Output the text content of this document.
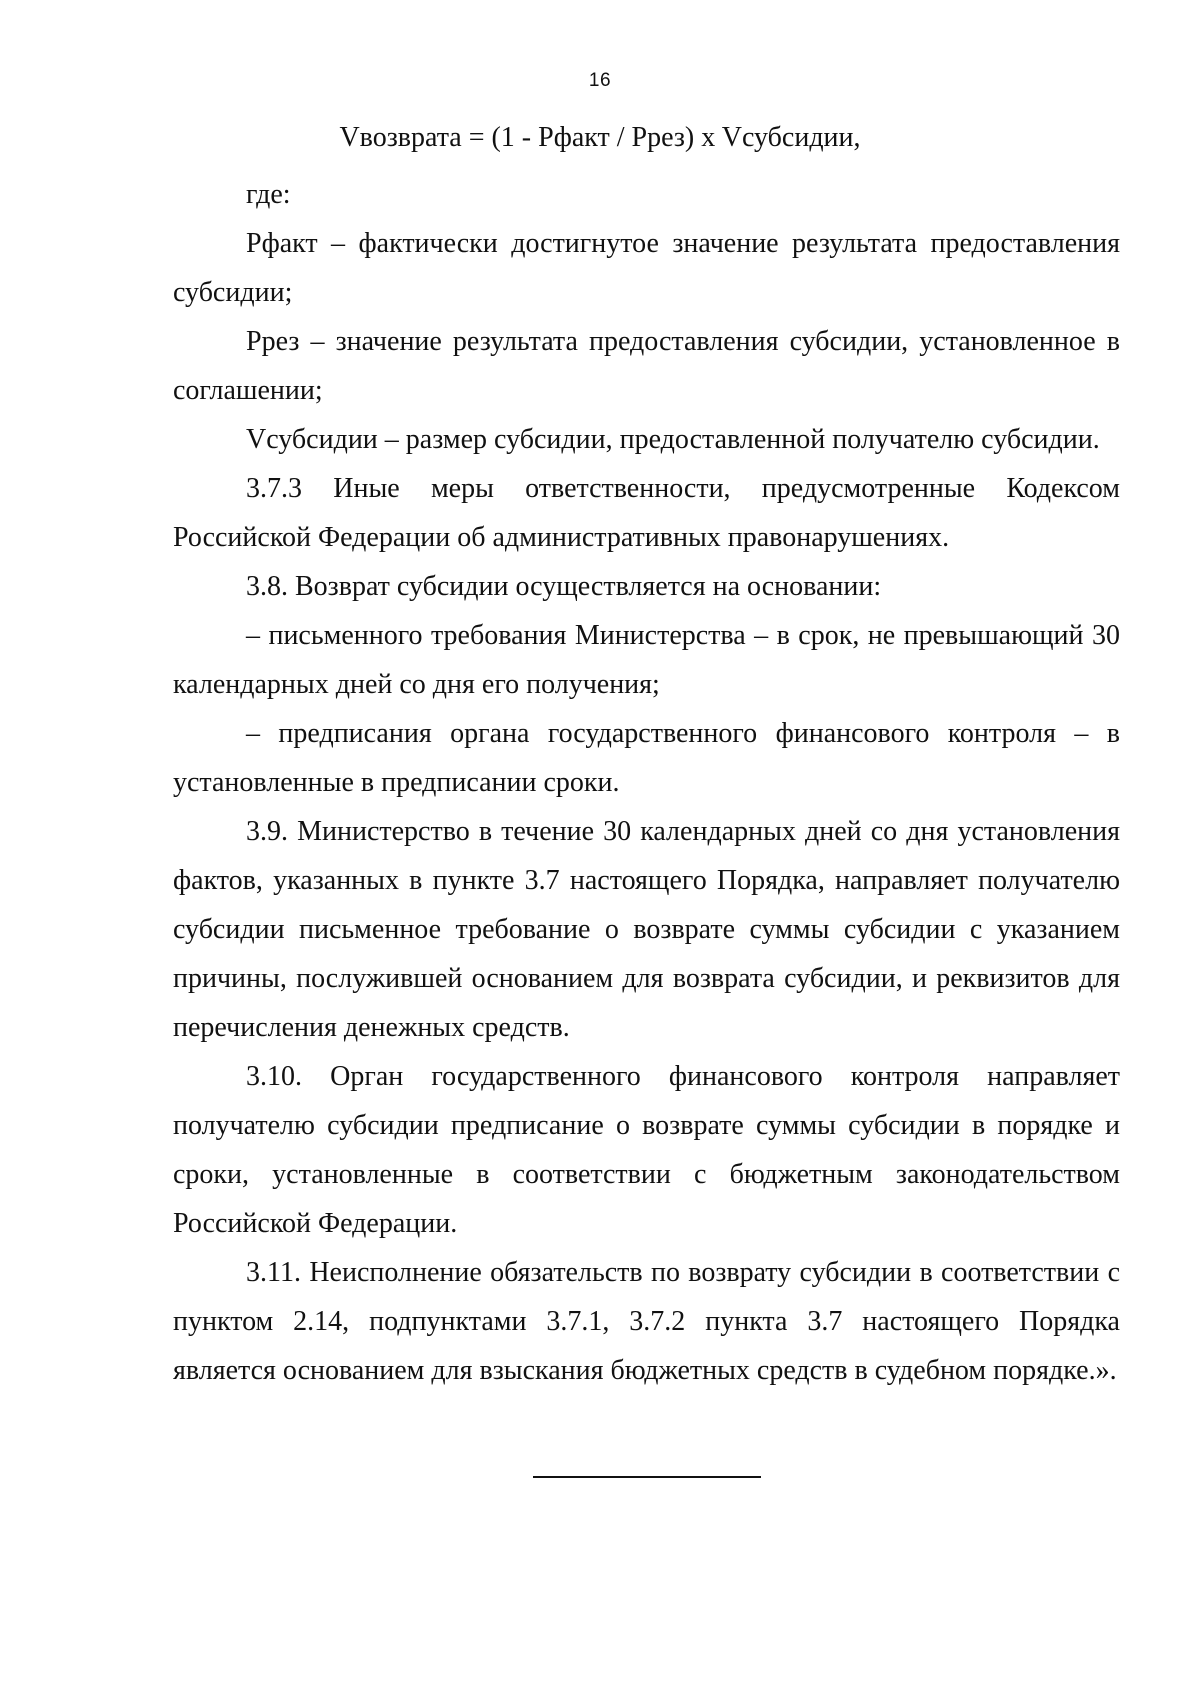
16
Vвозврата = (1 - Pфакт / Pрез) x Vсубсидии,

где:

Pфакт – фактически достигнутое значение результата предоставления субсидии;

Pрез – значение результата предоставления субсидии, установленное в соглашении;

Vсубсидии – размер субсидии, предоставленной получателю субсидии.

3.7.3 Иные меры ответственности, предусмотренные Кодексом Российской Федерации об административных правонарушениях.

3.8. Возврат субсидии осуществляется на основании:

– письменного требования Министерства – в срок, не превышающий 30 календарных дней со дня его получения;

– предписания органа государственного финансового контроля – в установленные в предписании сроки.

3.9. Министерство в течение 30 календарных дней со дня установления фактов, указанных в пункте 3.7 настоящего Порядка, направляет получателю субсидии письменное требование о возврате суммы субсидии с указанием причины, послужившей основанием для возврата субсидии, и реквизитов для перечисления денежных средств.

3.10. Орган государственного финансового контроля направляет получателю субсидии предписание о возврате суммы субсидии в порядке и сроки, установленные в соответствии с бюджетным законодательством Российской Федерации.

3.11. Неисполнение обязательств по возврату субсидии в соответствии с пунктом 2.14, подпунктами 3.7.1, 3.7.2 пункта 3.7 настоящего Порядка является основанием для взыскания бюджетных средств в судебном порядке.».
